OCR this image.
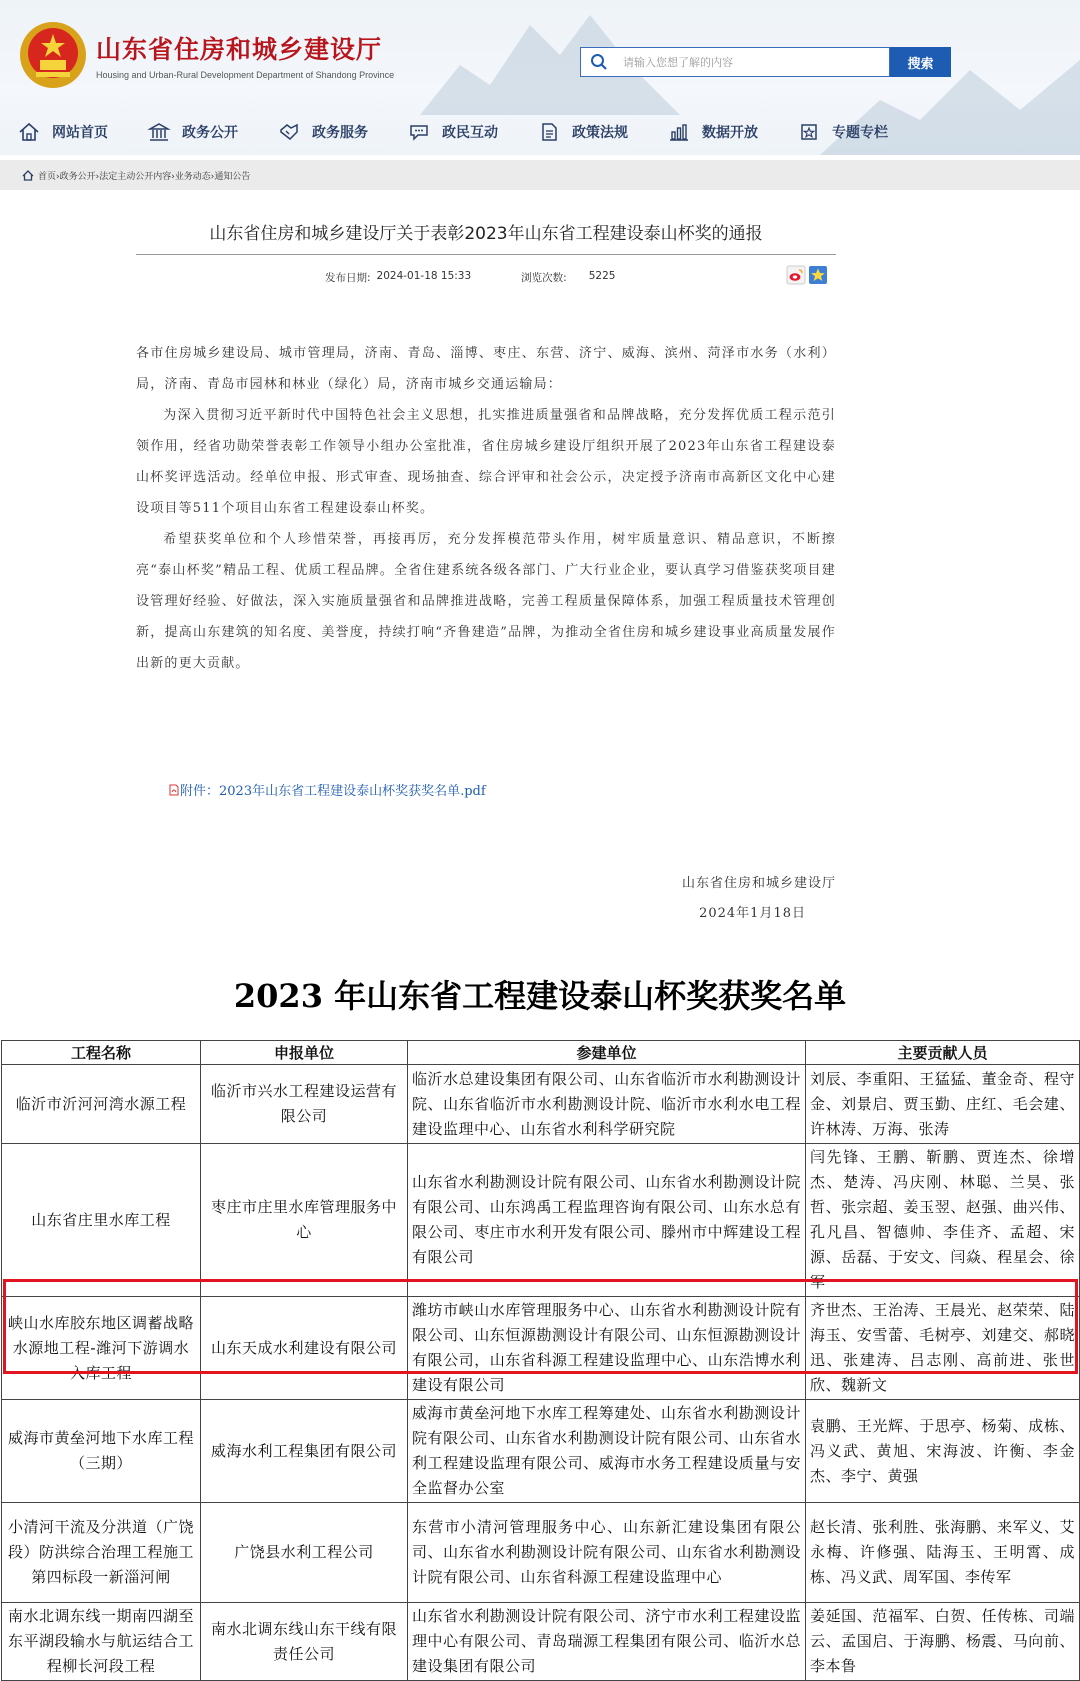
山东省住房和城乡建设厅
Housing and Urban-Rural Development Department of Shandong Province
请输入您想了解的内容
搜索
网站首页	政务公开	政务服务	政民互动	政策法规	数据开放	专题专栏
首页›政务公开›法定主动公开内容›业务动态›通知公告
山东省住房和城乡建设厅关于表彰2023年山东省工程建设泰山杯奖的通报
发布日期: 2024-01-18 15:33	浏览次数: 5225

各市住房城乡建设局、城市管理局，济南、青岛、淄博、枣庄、东营、济宁、威海、滨州、菏泽市水务（水利）局，济南、青岛市园林和林业（绿化）局，济南市城乡交通运输局：

为深入贯彻习近平新时代中国特色社会主义思想，扎实推进质量强省和品牌战略，充分发挥优质工程示范引领作用，经省功勋荣誉表彰工作领导小组办公室批准，省住房城乡建设厅组织开展了2023年山东省工程建设泰山杯奖评选活动。经单位申报、形式审查、现场抽查、综合评审和社会公示，决定授予济南市高新区文化中心建设项目等511个项目山东省工程建设泰山杯奖。

希望获奖单位和个人珍惜荣誉，再接再厉，充分发挥模范带头作用，树牢质量意识、精品意识，不断擦亮“泰山杯奖”精品工程、优质工程品牌。全省住建系统各级各部门、广大行业企业，要认真学习借鉴获奖项目建设管理好经验、好做法，深入实施质量强省和品牌推进战略，完善工程质量保障体系，加强工程质量技术管理创新，提高山东建筑的知名度、美誉度，持续打响“齐鲁建造”品牌，为推动全省住房和城乡建设事业高质量发展作出新的更大贡献。

附件：2023年山东省工程建设泰山杯奖获奖名单.pdf
山东省住房和城乡建设厅
2024年1月18日
2023 年山东省工程建设泰山杯奖获奖名单
工程名称	申报单位	参建单位	主要贡献人员
临沂市沂河河湾水源工程	临沂市兴水工程建设运营有限公司	临沂水总建设集团有限公司、山东省临沂市水利勘测设计院、山东省临沂市水利勘测设计院、临沂市水利水电工程建设监理中心、山东省水利科学研究院	刘辰、李重阳、王猛猛、董金奇、程守金、刘景启、贾玉勤、庄红、毛会建、许林涛、万海、张涛
山东省庄里水库工程	枣庄市庄里水库管理服务中心	山东省水利勘测设计院有限公司、山东省水利勘测设计院有限公司、山东鸿禹工程监理咨询有限公司、山东水总有限公司、枣庄市水利开发有限公司、滕州市中辉建设工程有限公司	闫先锋、王鹏、靳鹏、贾连杰、徐增杰、楚涛、冯庆刚、林聪、兰昊、张哲、张宗超、姜玉翌、赵强、曲兴伟、孔凡昌、智德帅、李佳齐、孟超、宋源、岳磊、于安文、闫焱、程星会、徐军
峡山水库胶东地区调蓄战略水源地工程-潍河下游调水入库工程	山东天成水利建设有限公司	潍坊市峡山水库管理服务中心、山东省水利勘测设计院有限公司、山东恒源勘测设计有限公司、山东恒源勘测设计有限公司，山东省科源工程建设监理中心、山东浩博水利建设有限公司	齐世杰、王治涛、王晨光、赵荣荣、陆海玉、安雪蕾、毛树亭、刘建交、郝晓迅、张建涛、吕志刚、高前进、张世欣、魏新文
威海市黄垒河地下水库工程（三期）	威海水利工程集团有限公司	威海市黄垒河地下水库工程筹建处、山东省水利勘测设计院有限公司、山东省水利勘测设计院有限公司、山东省水利工程建设监理有限公司、威海市水务工程建设质量与安全监督办公室	袁鹏、王光辉、于思亭、杨菊、成栋、冯义武、黄旭、宋海波、许衡、李金杰、李宁、黄强
小清河干流及分洪道（广饶段）防洪综合治理工程施工第四标段一新淄河闸	广饶县水利工程公司	东营市小清河管理服务中心、山东新汇建设集团有限公司、山东省水利勘测设计院有限公司、山东省水利勘测设计院有限公司、山东省科源工程建设监理中心	赵长清、张利胜、张海鹏、来军义、艾永梅、许修强、陆海玉、王明霄、成栋、冯义武、周军国、李传军
南水北调东线一期南四湖至东平湖段输水与航运结合工程柳长河段工程	南水北调东线山东干线有限责任公司	山东省水利勘测设计院有限公司、济宁市水利工程建设监理中心有限公司、青岛瑞源工程集团有限公司、临沂水总建设集团有限公司	姜延国、范福军、白贺、任传栋、司端云、孟国启、于海鹏、杨震、马向前、李本鲁
